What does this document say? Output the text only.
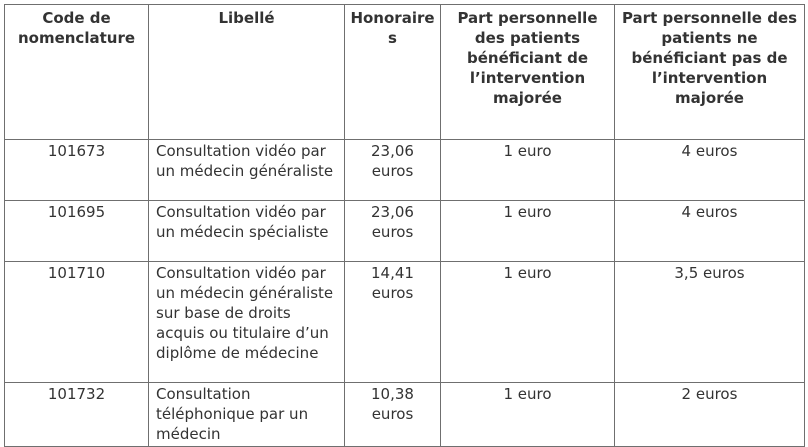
Code de nomenclature	Libellé	Honoraires	Part personnelle des patients bénéficiant de l’intervention majorée	Part personnelle des patients ne bénéficiant pas de l’intervention majorée
101673	Consultation vidéo par un médecin généraliste	23,06 euros	1 euro	4 euros
101695	Consultation vidéo par un médecin spécialiste	23,06 euros	1 euro	4 euros
101710	Consultation vidéo par un médecin généraliste sur base de droits acquis ou titulaire d’un diplôme de médecine	14,41 euros	1 euro	3,5 euros
101732	Consultation téléphonique par un médecin	10,38 euros	1 euro	2 euros
